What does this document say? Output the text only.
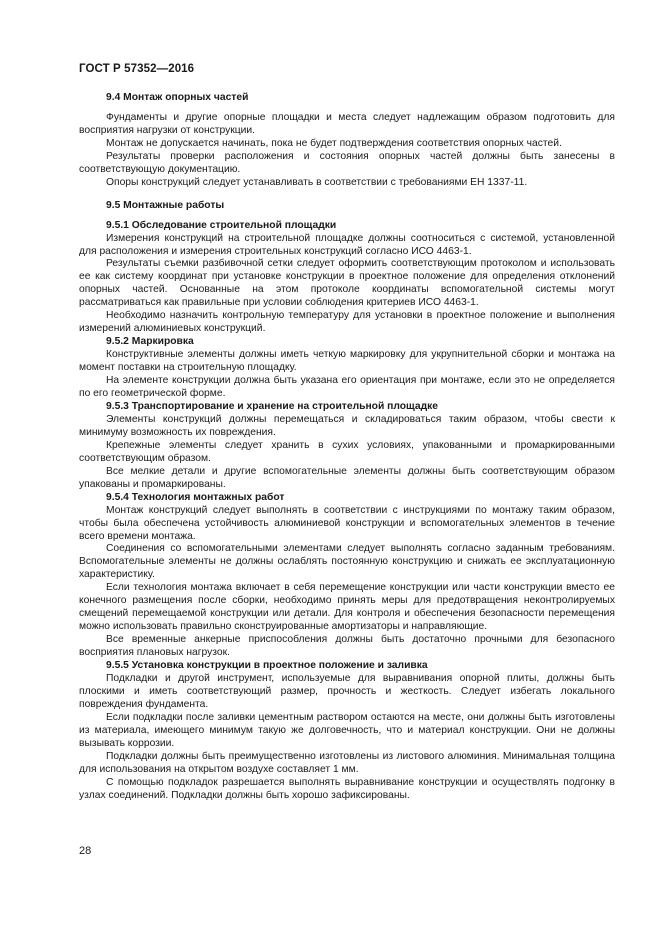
ГОСТ Р 57352—2016

9.4 Монтаж опорных частей

Фундаменты и другие опорные площадки и места следует надлежащим образом подготовить для восприятия нагрузки от конструкции.

Монтаж не допускается начинать, пока не будет подтверждения соответствия опорных частей.

Результаты проверки расположения и состояния опорных частей должны быть занесены в соответствующую документацию.

Опоры конструкций следует устанавливать в соответствии с требованиями ЕН 1337-11.

9.5 Монтажные работы

9.5.1 Обследование строительной площадки

Измерения конструкций на строительной площадке должны соотноситься с системой, установленной для расположения и измерения строительных конструкций согласно ИСО 4463-1.

Результаты съемки разбивочной сетки следует оформить соответствующим протоколом и использовать ее как систему координат при установке конструкции в проектное положение для определения отклонений опорных частей. Основанные на этом протоколе координаты вспомогательной системы могут рассматриваться как правильные при условии соблюдения критериев ИСО 4463-1.

Необходимо назначить контрольную температуру для установки в проектное положение и выполнения измерений алюминиевых конструкций.

9.5.2 Маркировка

Конструктивные элементы должны иметь четкую маркировку для укрупнительной сборки и монтажа на момент поставки на строительную площадку.

На элементе конструкции должна быть указана его ориентация при монтаже, если это не определяется по его геометрической форме.

9.5.3 Транспортирование и хранение на строительной площадке

Элементы конструкций должны перемещаться и складироваться таким образом, чтобы свести к минимуму возможность их повреждения.

Крепежные элементы следует хранить в сухих условиях, упакованными и промаркированными соответствующим образом.

Все мелкие детали и другие вспомогательные элементы должны быть соответствующим образом упакованы и промаркированы.

9.5.4 Технология монтажных работ

Монтаж конструкций следует выполнять в соответствии с инструкциями по монтажу таким образом, чтобы была обеспечена устойчивость алюминиевой конструкции и вспомогательных элементов в течение всего времени монтажа.

Соединения со вспомогательными элементами следует выполнять согласно заданным требованиям. Вспомогательные элементы не должны ослаблять постоянную конструкцию и снижать ее эксплуатационную характеристику.

Если технология монтажа включает в себя перемещение конструкции или части конструкции вместо ее конечного размещения после сборки, необходимо принять меры для предотвращения неконтролируемых смещений перемещаемой конструкции или детали. Для контроля и обеспечения безопасности перемещения можно использовать правильно сконструированные амортизаторы и направляющие.

Все временные анкерные приспособления должны быть достаточно прочными для безопасного восприятия плановых нагрузок.

9.5.5 Установка конструкции в проектное положение и заливка

Подкладки и другой инструмент, используемые для выравнивания опорной плиты, должны быть плоскими и иметь соответствующий размер, прочность и жесткость. Следует избегать локального повреждения фундамента.

Если подкладки после заливки цементным раствором остаются на месте, они должны быть изготовлены из материала, имеющего минимум такую же долговечность, что и материал конструкции. Они не должны вызывать коррозии.

Подкладки должны быть преимущественно изготовлены из листового алюминия. Минимальная толщина для использования на открытом воздухе составляет 1 мм.

С помощью подкладок разрешается выполнять выравнивание конструкции и осуществлять подгонку в узлах соединений. Подкладки должны быть хорошо зафиксированы.

28
